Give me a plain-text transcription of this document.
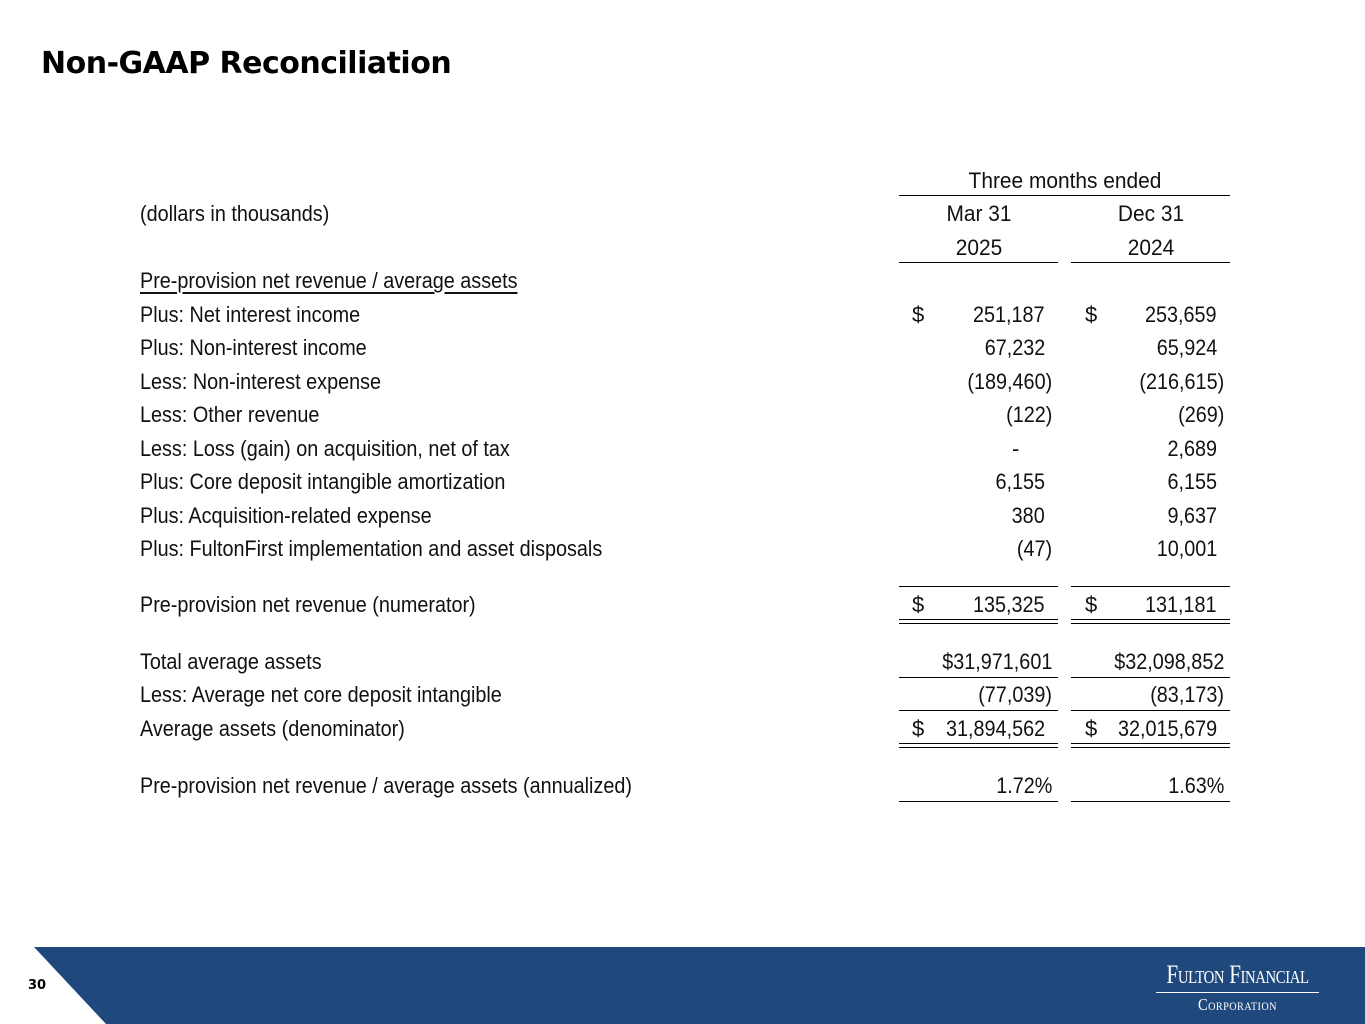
Non-GAAP Reconciliation
Three months ended
(dollars in thousands)	Mar 31	Dec 31
2025	2024
Pre-provision net revenue / average assets
Plus: Net interest income	$ 251,187 $ 253,659
Plus: Non-interest income	67,232	65,924
Less: Non-interest expense	(189,460)	(216,615)
Less: Other revenue	(122)	(269)
Less: Loss (gain) on acquisition, net of tax	-	2,689
Plus: Core deposit intangible amortization	6,155	6,155
Plus: Acquisition-related expense	380	9,637
Plus: FultonFirst implementation and asset disposals	(47)	10,001
Pre-provision net revenue (numerator)	$ 135,325 $ 131,181
Total average assets	$31,971,601	$32,098,852
Less: Average net core deposit intangible	(77,039)	(83,173)
Average assets (denominator)	$ 31,894,562 $ 32,015,679
Pre-provision net revenue / average assets (annualized)	1.72%	1.63%
30	Fulton Financial
Corporation
